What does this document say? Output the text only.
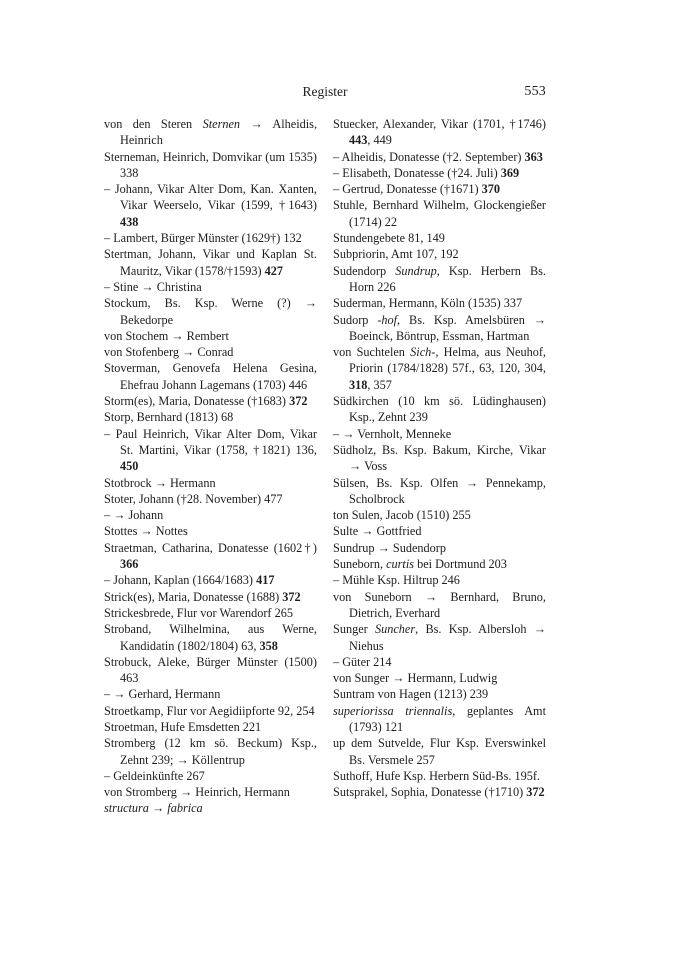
Register	553

von den Steren Sternen → Alheidis, Heinrich

Sterneman, Heinrich, Domvikar (um 1535) 338

– Johann, Vikar Alter Dom, Kan. Xanten, Vikar Weerselo, Vikar (1599, †1643) 438

– Lambert, Bürger Münster (1629†) 132

Stertman, Johann, Vikar und Kaplan St. Mauritz, Vikar (1578/†1593) 427

– Stine → Christina

Stockum, Bs. Ksp. Werne (?) → Bekedorpe

von Stochem → Rembert

von Stofenberg → Conrad

Stoverman, Genovefa Helena Gesina, Ehefrau Johann Lagemans (1703) 446

Storm(es), Maria, Donatesse (†1683) 372

Storp, Bernhard (1813) 68

– Paul Heinrich, Vikar Alter Dom, Vikar St. Martini, Vikar (1758, †1821) 136, 450

Stotbrock → Hermann

Stoter, Johann (†28. November) 477

– → Johann

Stottes → Nottes

Straetman, Catharina, Donatesse (1602†) 366

– Johann, Kaplan (1664/1683) 417

Strick(es), Maria, Donatesse (1688) 372

Strickesbrede, Flur vor Warendorf 265

Stroband, Wilhelmina, aus Werne, Kandidatin (1802/1804) 63, 358

Strobuck, Aleke, Bürger Münster (1500) 463

– → Gerhard, Hermann

Stroetkamp, Flur vor Aegidiipforte 92, 254

Stroetman, Hufe Emsdetten 221

Stromberg (12 km sö. Beckum) Ksp., Zehnt 239; → Köllentrup

– Geldeinkünfte 267

von Stromberg → Heinrich, Hermann

structura → fabrica

Stuecker, Alexander, Vikar (1701, †1746) 443, 449

– Alheidis, Donatesse (†2. September) 363

– Elisabeth, Donatesse (†24. Juli) 369

– Gertrud, Donatesse (†1671) 370

Stuhle, Bernhard Wilhelm, Glockengießer (1714) 22

Stundengebete 81, 149

Subpriorin, Amt 107, 192

Sudendorp Sundrup, Ksp. Herbern Bs. Horn 226

Suderman, Hermann, Köln (1535) 337

Sudorp -hof, Bs. Ksp. Amelsbüren → Boeinck, Böntrup, Essman, Hartman

von Suchtelen Sich-, Helma, aus Neuhof, Priorin (1784/1828) 57f., 63, 120, 304, 318, 357

Südkirchen (10 km sö. Lüdinghausen) Ksp., Zehnt 239

– → Vernholt, Menneke

Südholz, Bs. Ksp. Bakum, Kirche, Vikar → Voss

Sülsen, Bs. Ksp. Olfen → Pennekamp, Scholbrock

ton Sulen, Jacob (1510) 255

Sulte → Gottfried

Sundrup → Sudendorp

Suneborn, curtis bei Dortmund 203

– Mühle Ksp. Hiltrup 246

von Suneborn → Bernhard, Bruno, Dietrich, Everhard

Sunger Suncher, Bs. Ksp. Albersloh → Niehus

– Güter 214

von Sunger → Hermann, Ludwig

Suntram von Hagen (1213) 239

superiorissa triennalis, geplantes Amt (1793) 121

up dem Sutvelde, Flur Ksp. Everswinkel Bs. Versmele 257

Suthoff, Hufe Ksp. Herbern Süd-Bs. 195f.

Sutsprakel, Sophia, Donatesse (†1710) 372
